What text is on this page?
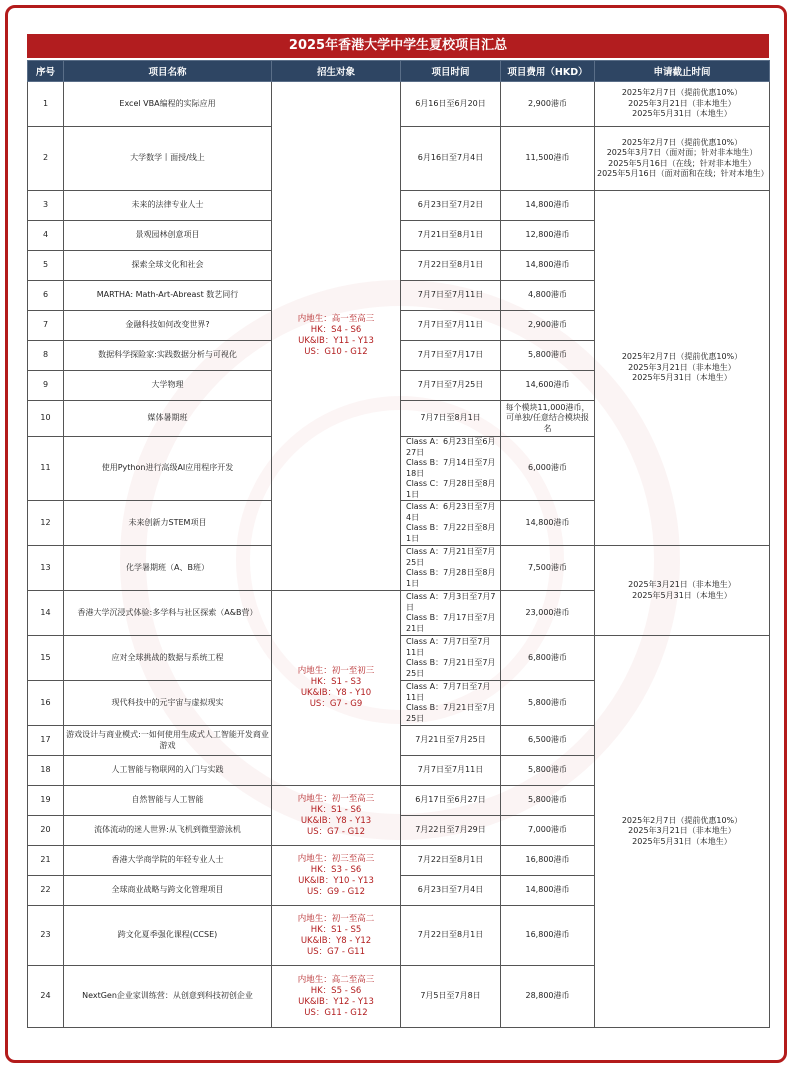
2025年香港大学中学生夏校项目汇总
序号	项目名称	招生对象	项目时间	项目费用（HKD）	申请截止时间
1	Excel VBA编程的实际应用	内地生：高一至高三
HK：S4 - S6
UK&IB：Y11 - Y13
US：G10 - G12	6月16日至6月20日	2,900港币	2025年2月7日（提前优惠10%）
2025年3月21日（非本地生）
2025年5月31日（本地生）

2	大学数学丨面授/线上		6月16日至7月4日	11,500港币	2025年2月7日（提前优惠10%）
2025年3月7日（面对面；针对非本地生）
2025年5月16日（在线；针对非本地生）
2025年5月16日（面对面和在线；针对本地生）

3	未来的法律专业人士		6月23日至7月2日	14,800港币	2025年2月7日（提前优惠10%）
2025年3月21日（非本地生）
2025年5月31日（本地生）

4	景观园林创意项目		7月21日至8月1日	12,800港币	
5	探索全球文化和社会		7月22日至8月1日	14,800港币	
6	MARTHA: Math-Art-Abreast 数艺同行		7月7日至7月11日	4,800港币	
7	金融科技如何改变世界?		7月7日至7月11日	2,900港币	
8	数据科学探险家:实践数据分析与可视化		7月7日至7月17日	5,800港币	
9	大学物理		7月7日至7月25日	14,600港币	
10	媒体暑期班		7月7日至8月1日	每个模块11,000港币，可单独/任意结合模块报名	
11	使用Python进行高级AI应用程序开发		Class A：6月23日至6月27日
Class B：7月14日至7月18日
Class C：7月28日至8月1日	6,000港币	
12	未来创新力STEM项目		Class A：6月23日至7月4日
Class B：7月22日至8月1日	14,800港币	
13	化学暑期班（A、B班）		Class A：7月21日至7月25日
Class B：7月28日至8月1日	7,500港币	2025年3月21日（非本地生）
2025年5月31日（本地生）

14	香港大学沉浸式体验:多学科与社区探索（A&B营）	内地生：初一至初三
HK：S1 - S3
UK&IB：Y8 - Y10
US：G7 - G9	Class A：7月3日至7月7日
Class B：7月17日至7月21日	23,000港币	
15	应对全球挑战的数据与系统工程		Class A：7月7日至7月11日
Class B：7月21日至7月25日	6,800港币	2025年2月7日（提前优惠10%）
2025年3月21日（非本地生）
2025年5月31日（本地生）

16	现代科技中的元宇宙与虚拟现实		Class A：7月7日至7月11日
Class B：7月21日至7月25日	5,800港币	
17	游戏设计与商业模式:一如何使用生成式人工智能开发商业游戏		7月21日至7月25日	6,500港币	
18	人工智能与物联网的入门与实践		7月7日至7月11日	5,800港币	
19	自然智能与人工智能	内地生：初一至高三
HK：S1 - S6
UK&IB：Y8 - Y13
US：G7 - G12	6月17日至6月27日	5,800港币	
20	流体流动的迷人世界:从飞机到微型游泳机		7月22日至7月29日	7,000港币	
21	香港大学商学院的年轻专业人士	内地生：初三至高三
HK：S3 - S6
UK&IB：Y10 - Y13
US：G9 - G12	7月22日至8月1日	16,800港币	
22	全球商业战略与跨文化管理项目		6月23日至7月4日	14,800港币	
23	跨文化夏季强化课程(CCSE)	内地生：初一至高二
HK：S1 - S5
UK&IB：Y8 - Y12
US：G7 - G11	7月22日至8月1日	16,800港币	
24	NextGen企业家训练营：从创意到科技初创企业	内地生：高二至高三
HK：S5 - S6
UK&IB：Y12 - Y13
US：G11 - G12	7月5日至7月8日	28,800港币	
